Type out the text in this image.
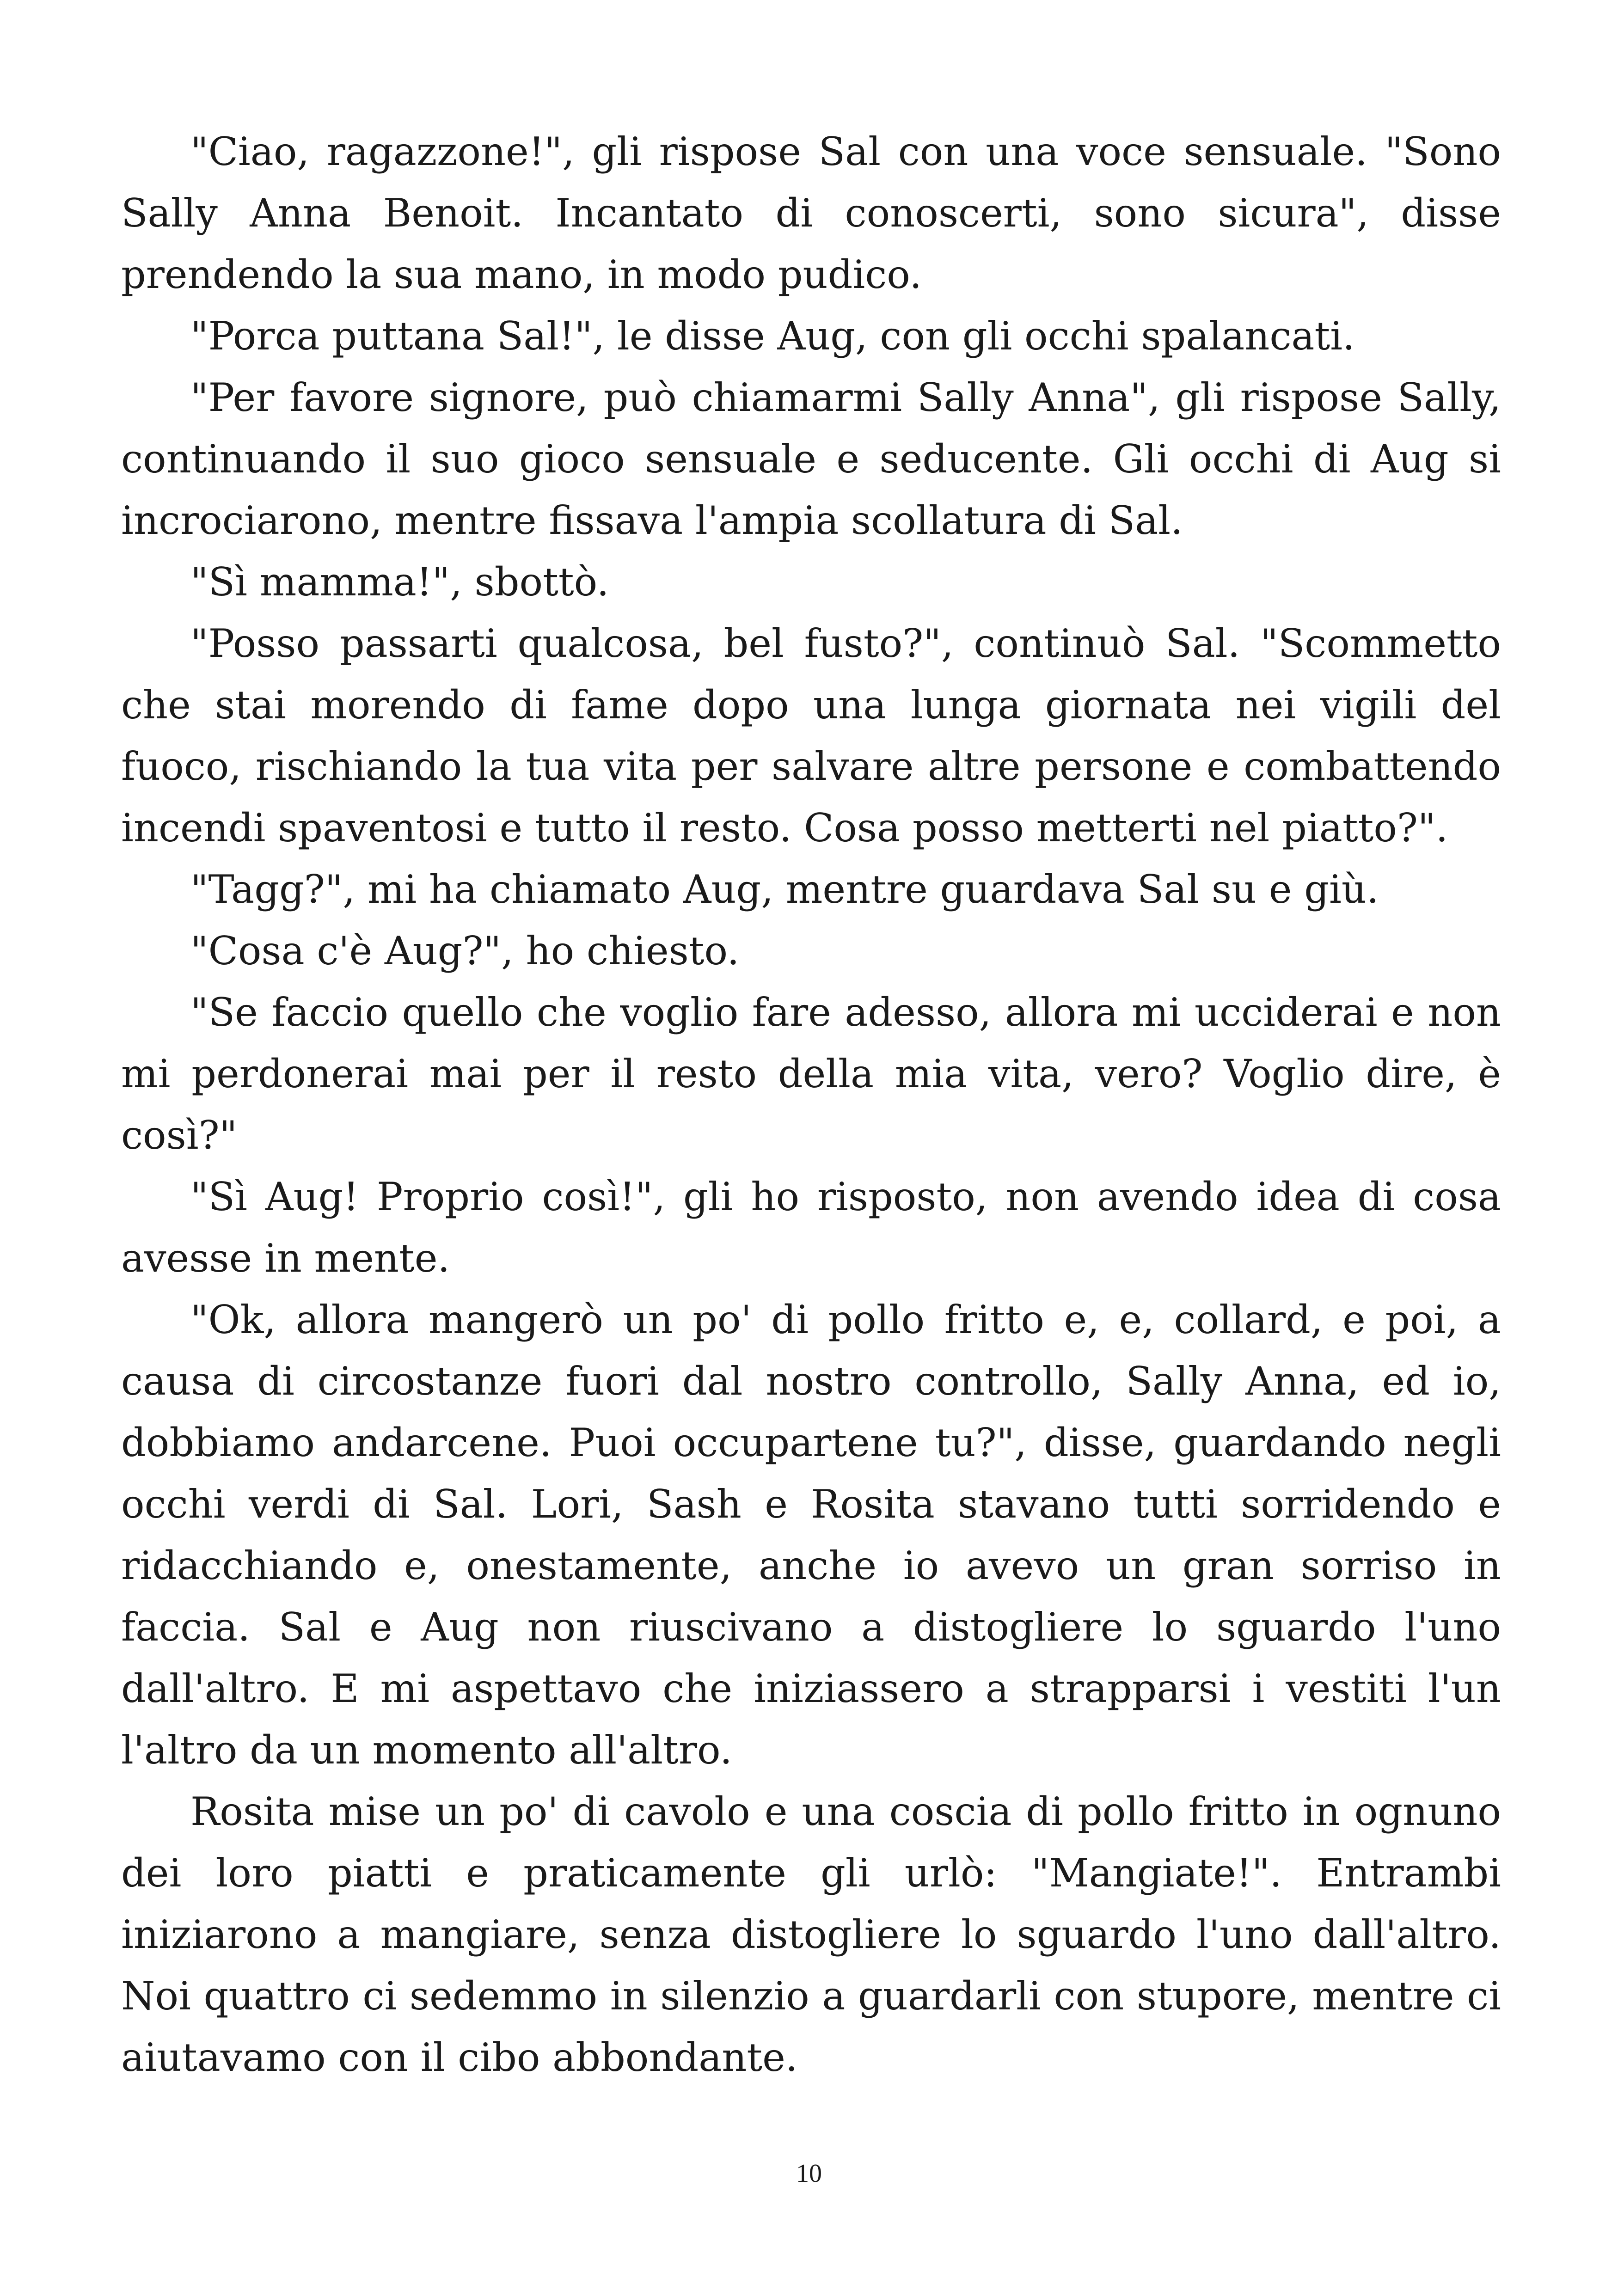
"Ciao, ragazzone!", gli rispose Sal con una voce sensuale. "Sono Sally Anna Benoit. Incantato di conoscerti, sono sicura", disse prendendo la sua mano, in modo pudico.

"Porca puttana Sal!", le disse Aug, con gli occhi spalancati.

"Per favore signore, può chiamarmi Sally Anna", gli rispose Sally, continuando il suo gioco sensuale e seducente. Gli occhi di Aug si incrociarono, mentre fissava l'ampia scollatura di Sal.

"Sì mamma!", sbottò.

"Posso passarti qualcosa, bel fusto?", continuò Sal. "Scommetto che stai morendo di fame dopo una lunga giornata nei vigili del fuoco, rischiando la tua vita per salvare altre persone e combattendo incendi spaventosi e tutto il resto. Cosa posso metterti nel piatto?".

"Tagg?", mi ha chiamato Aug, mentre guardava Sal su e giù.

"Cosa c'è Aug?", ho chiesto.

"Se faccio quello che voglio fare adesso, allora mi ucciderai e non mi perdonerai mai per il resto della mia vita, vero? Voglio dire, è così?"

"Sì Aug! Proprio così!", gli ho risposto, non avendo idea di cosa avesse in mente.

"Ok, allora mangerò un po' di pollo fritto e, e, collard, e poi, a causa di circostanze fuori dal nostro controllo, Sally Anna, ed io, dobbiamo andarcene. Puoi occupartene tu?", disse, guardando negli occhi verdi di Sal. Lori, Sash e Rosita stavano tutti sorridendo e ridacchiando e, onestamente, anche io avevo un gran sorriso in faccia. Sal e Aug non riuscivano a distogliere lo sguardo l'uno dall'altro. E mi aspettavo che iniziassero a strapparsi i vestiti l'un l'altro da un momento all'altro.

Rosita mise un po' di cavolo e una coscia di pollo fritto in ognuno dei loro piatti e praticamente gli urlò: "Mangiate!". Entrambi iniziarono a mangiare, senza distogliere lo sguardo l'uno dall'altro. Noi quattro ci sedemmo in silenzio a guardarli con stupore, mentre ci aiutavamo con il cibo abbondante.

10
